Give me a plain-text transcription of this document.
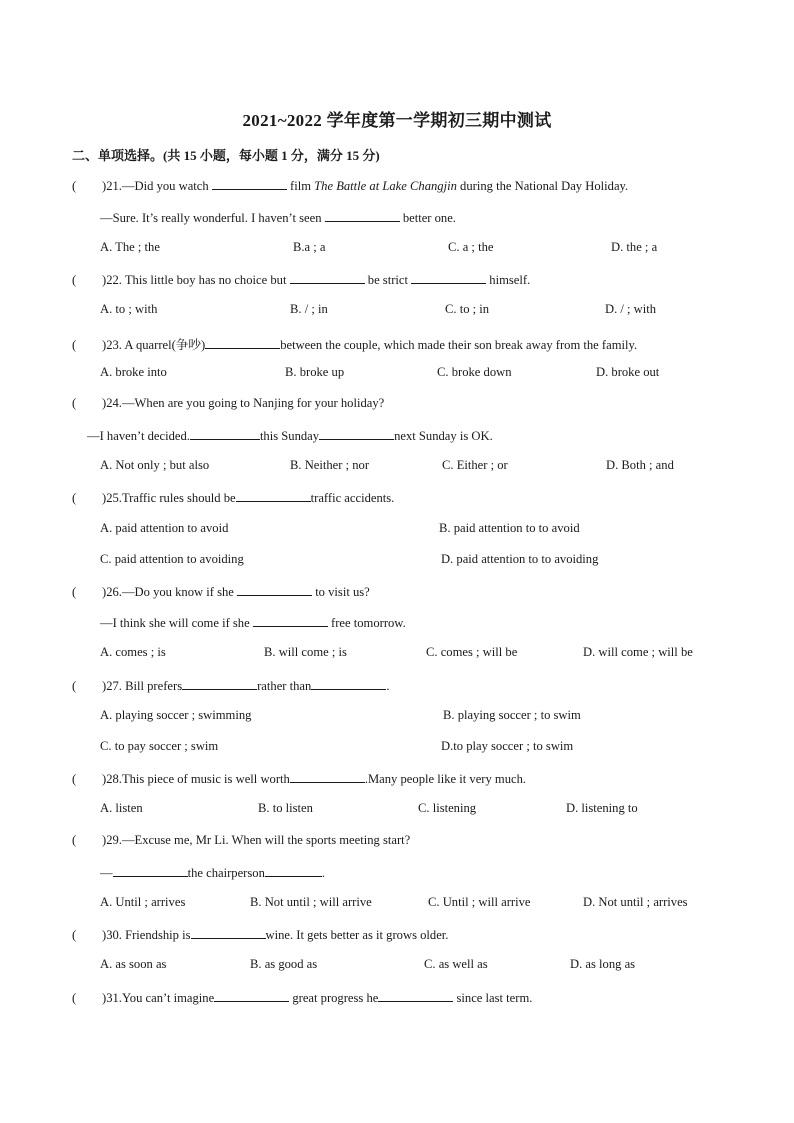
2021~2022 学年度第一学期初三期中测试
二、单项选择。(共 15 小题，每小题 1 分，满分 15 分)
( )21.—Did you watch	film The Battle at Lake Changjin during the National Day Holiday.
—Sure. It’s really wonderful. I haven’t seen	better one.
A. The ; the	B.a ; a	C. a ; the	D. the ; a
( )22. This little boy has no choice but	be strict	himself.
A. to ; with	B. / ; in	C. to ; in	D. / ; with
( )23. A quarrel(争吵)	between the couple, which made their son break away from the family.
A. broke into	B. broke up	C. broke down	D. broke out
( )24.—When are you going to Nanjing for your holiday?
—I haven’t decided.	this Sunday	next Sunday is OK.
A. Not only ; but also	B. Neither ; nor	C. Either ; or	D. Both ; and
( )25.Traffic rules should be	traffic accidents.
A. paid attention to avoid	B. paid attention to to avoid
C. paid attention to avoiding	D. paid attention to to avoiding
( )26.—Do you know if she	to visit us?
—I think she will come if she	free tomorrow.
A. comes ; is	B. will come ; is	C. comes ; will be	D. will come ; will be
( )27. Bill prefers	rather than	.
A. playing soccer ; swimming	B. playing soccer ; to swim
C. to pay soccer ; swim	D.to play soccer ; to swim
( )28.This piece of music is well worth	.Many people like it very much.
A. listen	B. to listen	C. listening	D. listening to
( )29.—Excuse me, Mr Li. When will the sports meeting start?
—	the chairperson	.
A. Until ; arrives	B. Not until ; will arrive	C. Until ; will arrive	D. Not until ; arrives
( )30. Friendship is	wine. It gets better as it grows older.
A. as soon as	B. as good as	C. as well as	D. as long as
( )31.You can’t imagine	great progress he	since last term.
